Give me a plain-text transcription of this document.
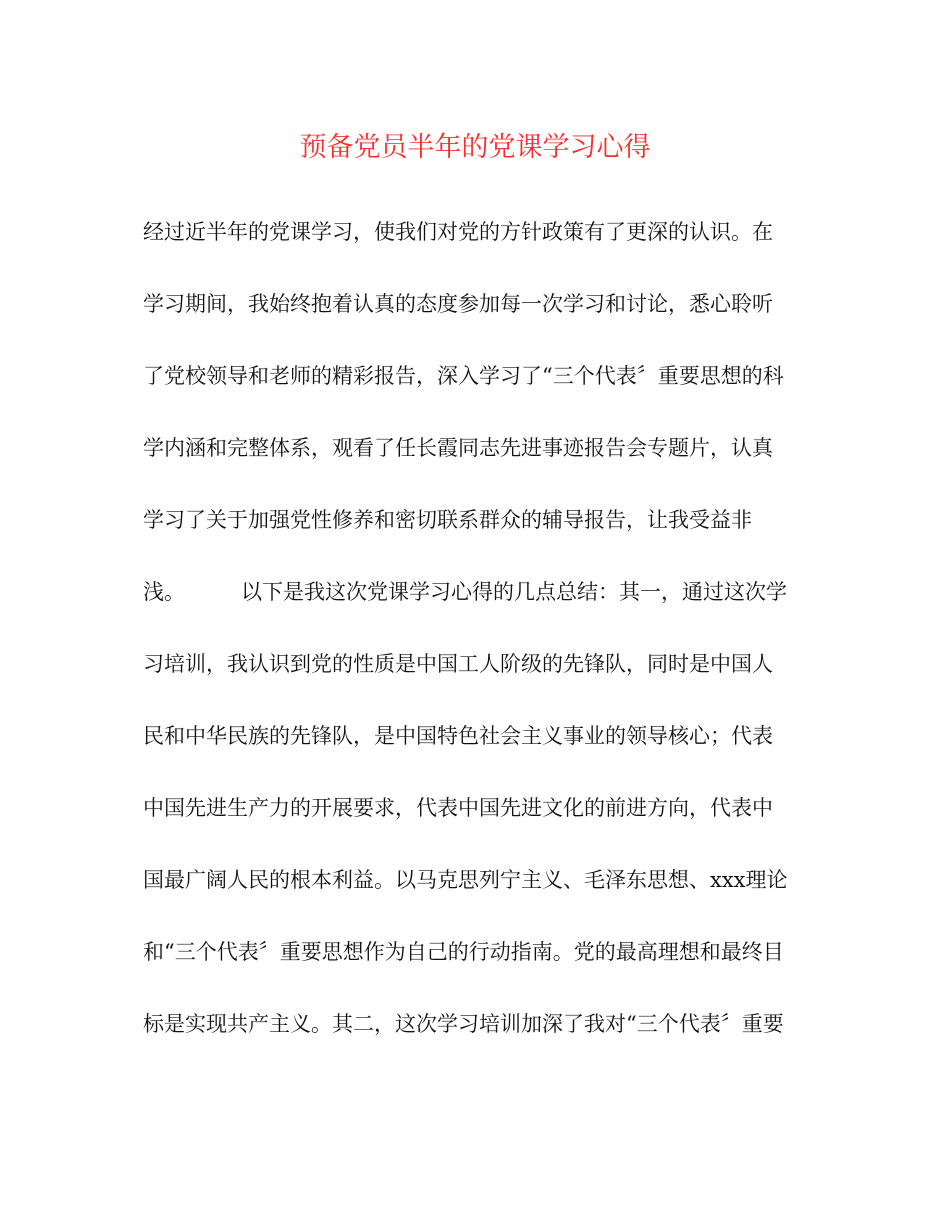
预备党员半年的党课学习心得
经过近半年的党课学习，使我们对党的方针政策有了更深的认识。在
学习期间，我始终抱着认真的态度参加每一次学习和讨论，悉心聆听
了党校领导和老师的精彩报告，深入学习了“三个代表〞重要思想的科
学内涵和完整体系，观看了任长霞同志先进事迹报告会专题片，认真
学习了关于加强党性修养和密切联系群众的辅导报告，让我受益非
浅。	以下是我这次党课学习心得的几点总结：其一，通过这次学
习培训，我认识到党的性质是中国工人阶级的先锋队，同时是中国人
民和中华民族的先锋队，是中国特色社会主义事业的领导核心；代表
中国先进生产力的开展要求，代表中国先进文化的前进方向，代表中
国最广阔人民的根本利益。以马克思列宁主义、毛泽东思想、xxx理论
和“三个代表〞重要思想作为自己的行动指南。党的最高理想和最终目
标是实现共产主义。其二，这次学习培训加深了我对“三个代表〞重要
